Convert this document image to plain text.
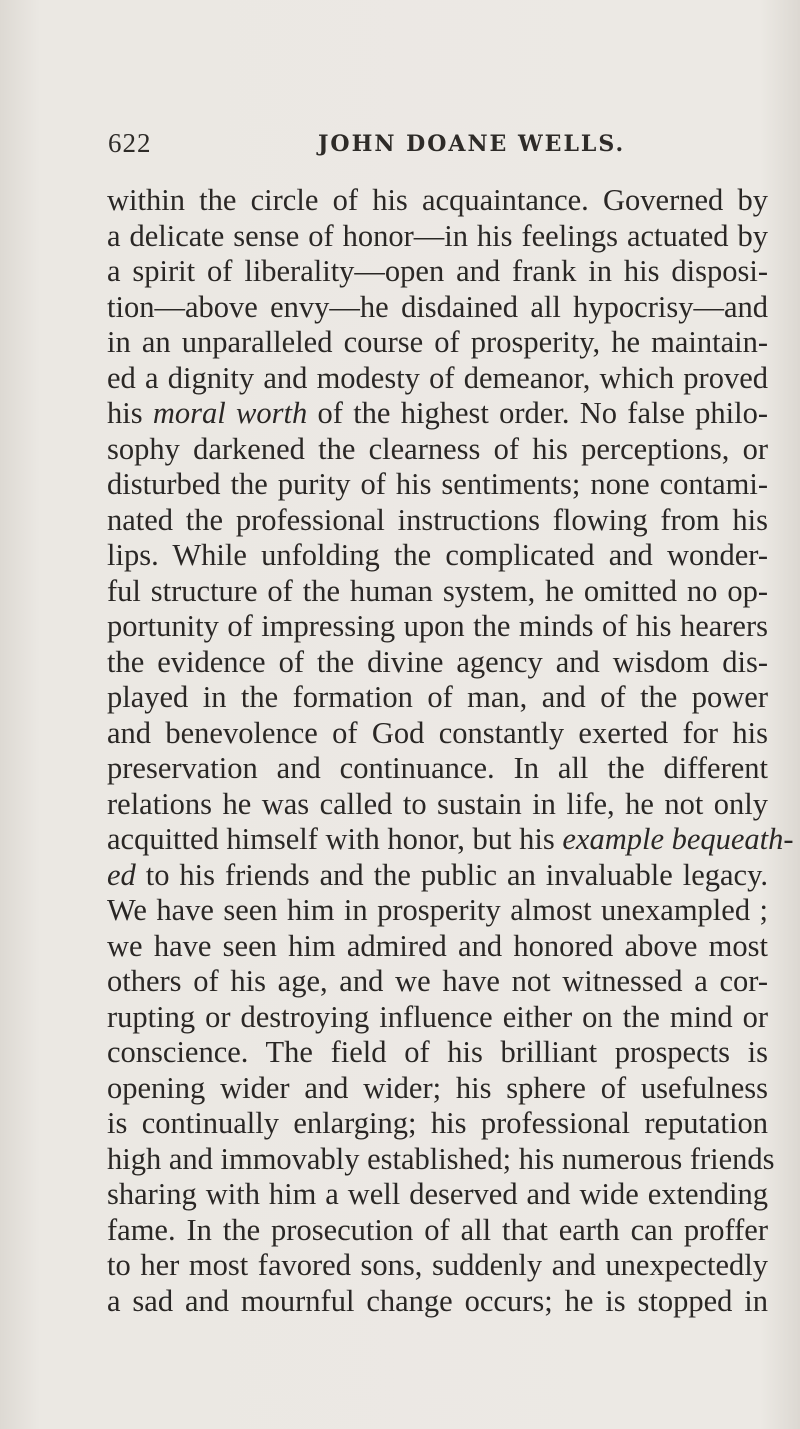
622	JOHN DOANE WELLS.
within the circle of his acquaintance. Governed by
a delicate sense of honor—in his feelings actuated by
a spirit of liberality—open and frank in his disposi-
tion—above envy—he disdained all hypocrisy—and
in an unparalleled course of prosperity, he maintain-
ed a dignity and modesty of demeanor, which proved
his moral worth of the highest order. No false philo-
sophy darkened the clearness of his perceptions, or
disturbed the purity of his sentiments; none contami-
nated the professional instructions flowing from his
lips. While unfolding the complicated and wonder-
ful structure of the human system, he omitted no op-
portunity of impressing upon the minds of his hearers
the evidence of the divine agency and wisdom dis-
played in the formation of man, and of the power
and benevolence of God constantly exerted for his
preservation and continuance. In all the different
relations he was called to sustain in life, he not only
acquitted himself with honor, but his example bequeath-
ed to his friends and the public an invaluable legacy.
We have seen him in prosperity almost unexampled ;
we have seen him admired and honored above most
others of his age, and we have not witnessed a cor-
rupting or destroying influence either on the mind or
conscience. The field of his brilliant prospects is
opening wider and wider; his sphere of usefulness
is continually enlarging; his professional reputation
high and immovably established; his numerous friends
sharing with him a well deserved and wide extending
fame. In the prosecution of all that earth can proffer
to her most favored sons, suddenly and unexpectedly
a sad and mournful change occurs; he is stopped in
